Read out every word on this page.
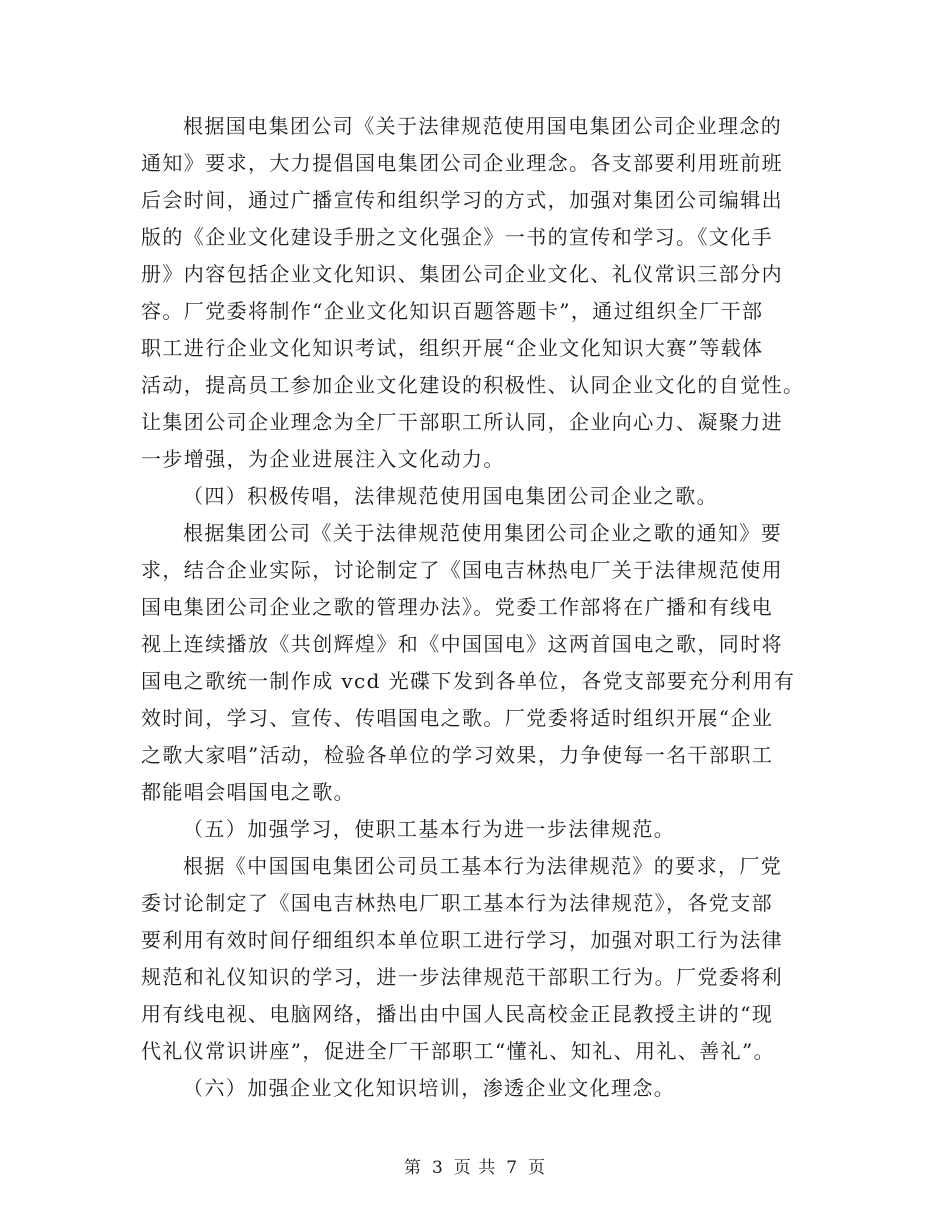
根据国电集团公司《关于法律规范使用国电集团公司企业理念的
通知》要求，大力提倡国电集团公司企业理念。各支部要利用班前班
后会时间，通过广播宣传和组织学习的方式，加强对集团公司编辑出
版的《企业文化建设手册之文化强企》一书的宣传和学习。《文化手
册》内容包括企业文化知识、集团公司企业文化、礼仪常识三部分内
容。厂党委将制作“企业文化知识百题答题卡”，通过组织全厂干部
职工进行企业文化知识考试，组织开展“企业文化知识大赛”等载体
活动，提高员工参加企业文化建设的积极性、认同企业文化的自觉性。
让集团公司企业理念为全厂干部职工所认同，企业向心力、凝聚力进
一步增强，为企业进展注入文化动力。
（四）积极传唱，法律规范使用国电集团公司企业之歌。
根据集团公司《关于法律规范使用集团公司企业之歌的通知》要
求，结合企业实际，讨论制定了《国电吉林热电厂关于法律规范使用
国电集团公司企业之歌的管理办法》。党委工作部将在广播和有线电
视上连续播放《共创辉煌》和《中国国电》这两首国电之歌，同时将
国电之歌统一制作成 vcd 光碟下发到各单位，各党支部要充分利用有
效时间，学习、宣传、传唱国电之歌。厂党委将适时组织开展“企业
之歌大家唱”活动，检验各单位的学习效果，力争使每一名干部职工
都能唱会唱国电之歌。
（五）加强学习，使职工基本行为进一步法律规范。
根据《中国国电集团公司员工基本行为法律规范》的要求，厂党
委讨论制定了《国电吉林热电厂职工基本行为法律规范》，各党支部
要利用有效时间仔细组织本单位职工进行学习，加强对职工行为法律
规范和礼仪知识的学习，进一步法律规范干部职工行为。厂党委将利
用有线电视、电脑网络，播出由中国人民高校金正昆教授主讲的“现
代礼仪常识讲座”，促进全厂干部职工“懂礼、知礼、用礼、善礼”。
（六）加强企业文化知识培训，渗透企业文化理念。
第 3 页 共 7 页
